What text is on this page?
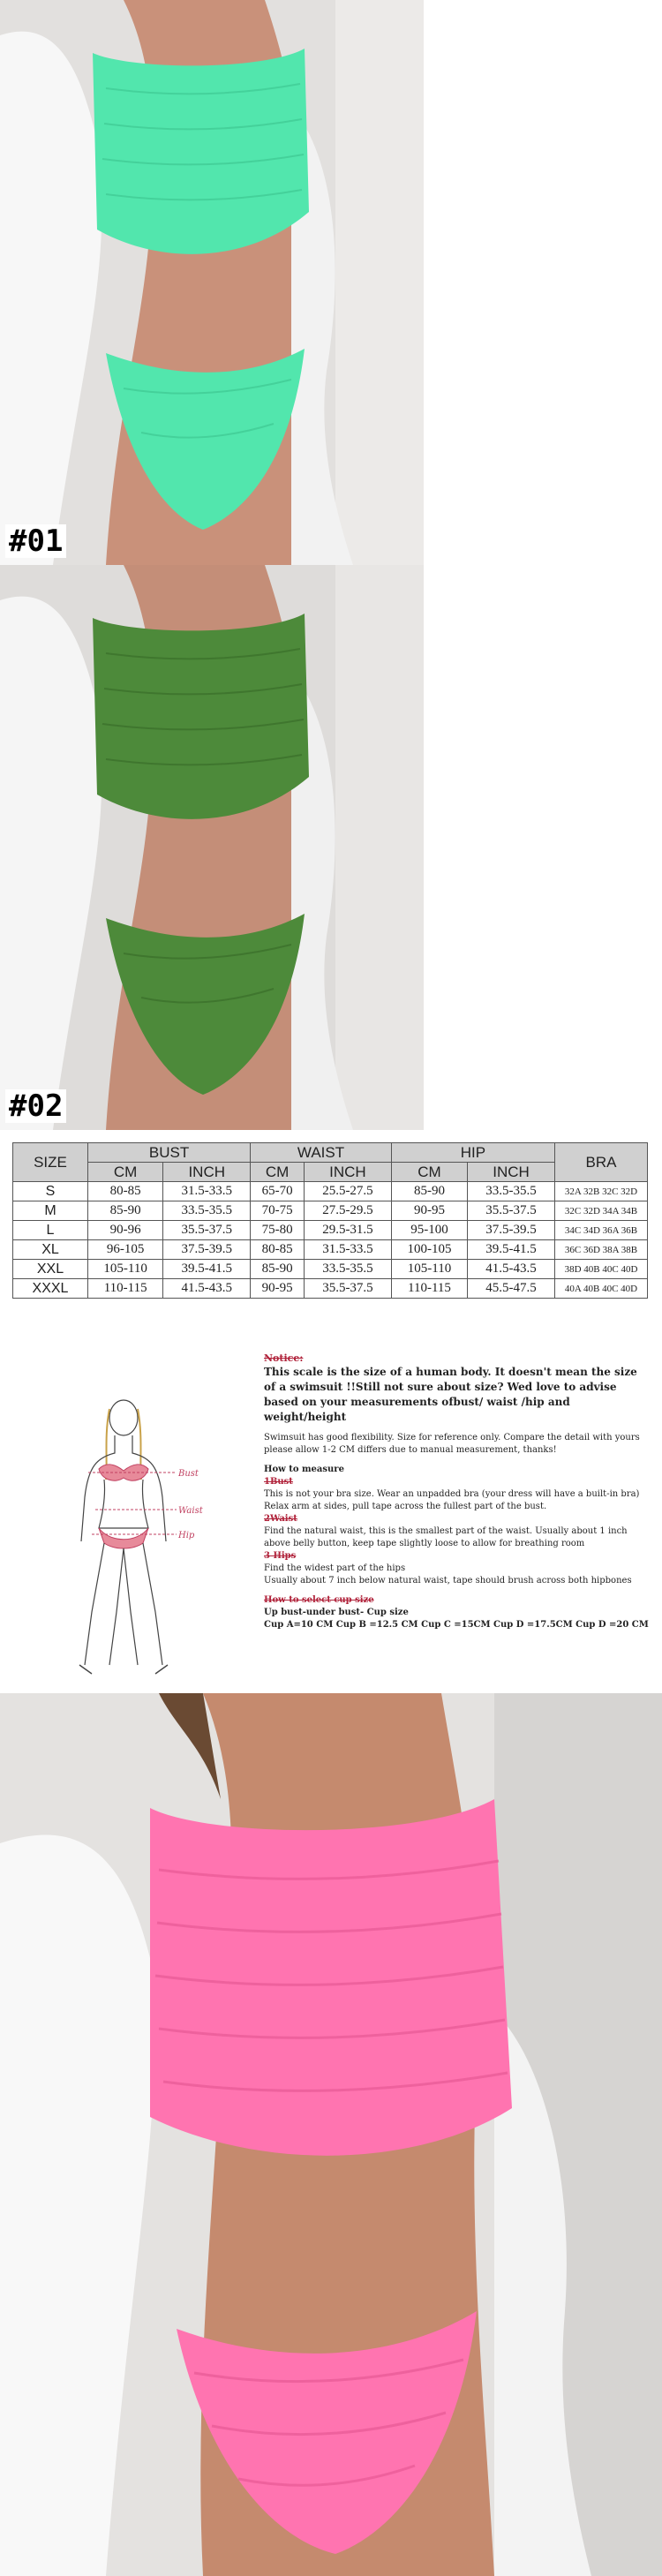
#01
#02
SIZE	BUST		WAIST		HIP		BRA
	CM	INCH	CM	INCH	CM	INCH	
S	80-85	31.5-33.5	65-70	25.5-27.5	85-90	33.5-35.5	32A 32B 32C 32D
M	85-90	33.5-35.5	70-75	27.5-29.5	90-95	35.5-37.5	32C 32D 34A 34B
L	90-96	35.5-37.5	75-80	29.5-31.5	95-100	37.5-39.5	34C 34D 36A 36B
XL	96-105	37.5-39.5	80-85	31.5-33.5	100-105	39.5-41.5	36C 36D 38A 38B
XXL	105-110	39.5-41.5	85-90	33.5-35.5	105-110	41.5-43.5	38D 40B 40C 40D
XXXL	110-115	41.5-43.5	90-95	35.5-37.5	110-115	45.5-47.5	40A 40B 40C 40D
Bust
Waist
Hip

Notice:

This scale is the size of a human body. It doesn't mean the size of a swimsuit !!Still not sure about size? Wed love to advise based on your measurements ofbust/ waist /hip and weight/height

Swimsuit has good flexibility. Size for reference only. Compare the detail with yours please allow 1-2 CM differs due to manual measurement, thanks!

How to measure

1Bust

This is not your bra size. Wear an unpadded bra (your dress will have a built-in bra) Relax arm at sides, pull tape across the fullest part of the bust.

2Waist

Find the natural waist, this is the smallest part of the waist. Usually about 1 inch above belly button, keep tape slightly loose to allow for breathing room

3 Hips

Find the widest part of the hips

Usually about 7 inch below natural waist, tape should brush across both hipbones

How to select cup size

Up bust-under bust- Cup size

Cup A=10 CM Cup B =12.5 CM Cup C =15CM Cup D =17.5CM Cup D =20 CM
